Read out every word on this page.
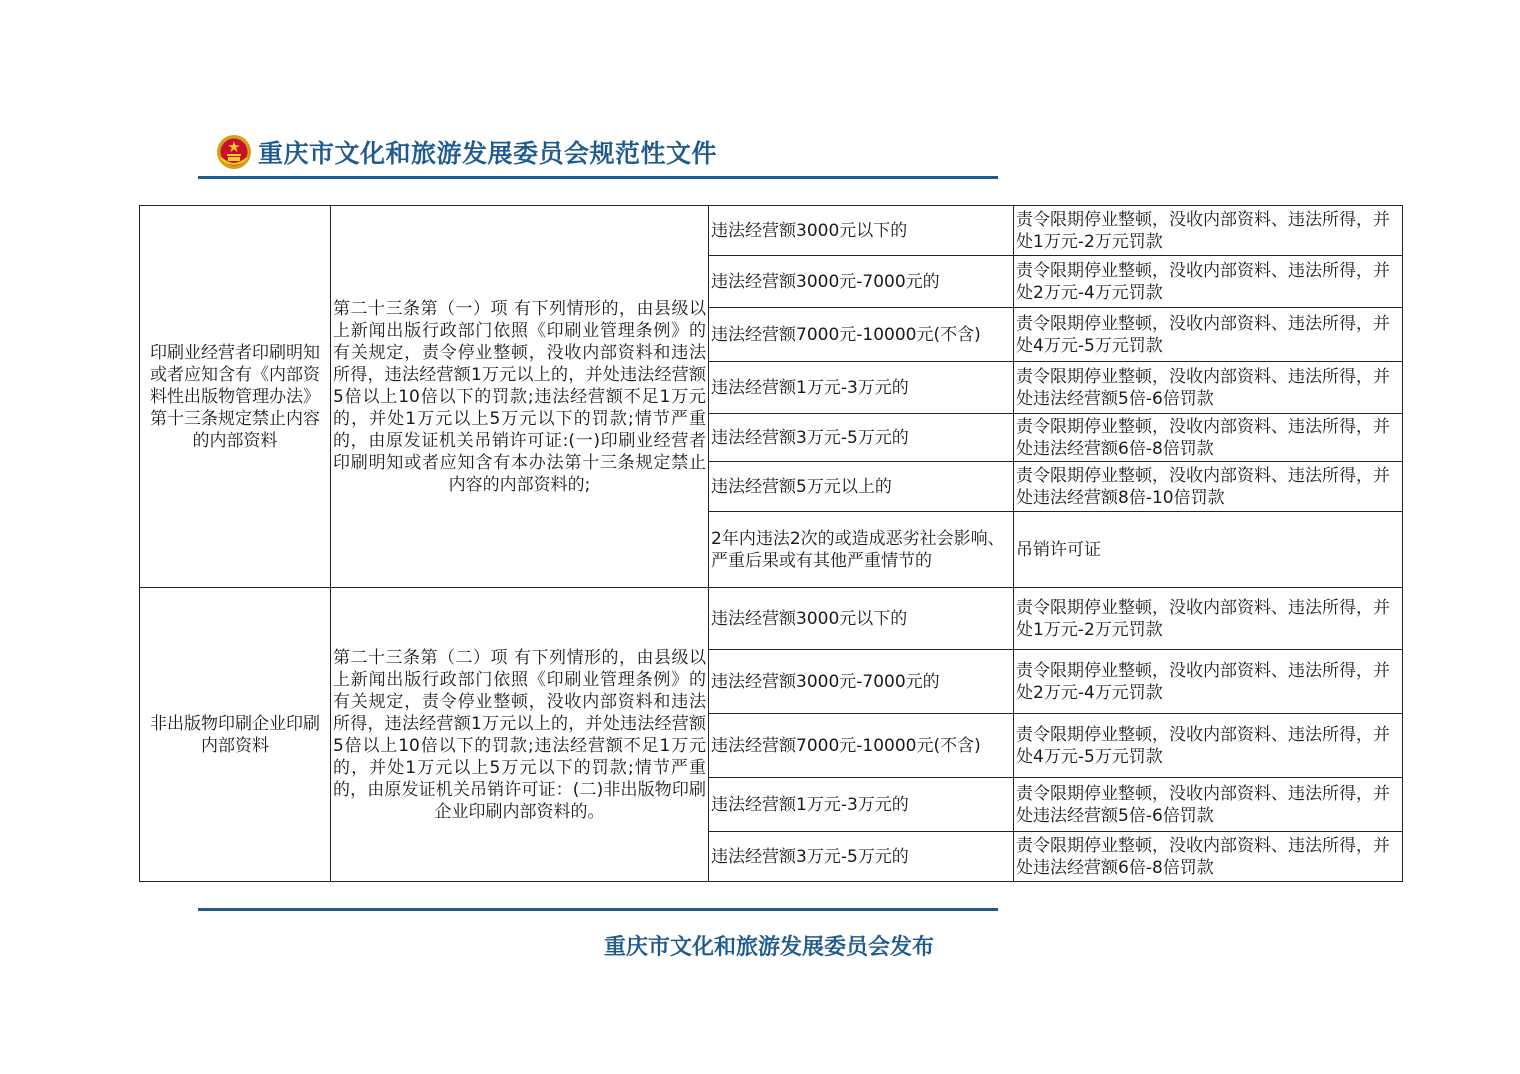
重庆市文化和旅游发展委员会规范性文件
印刷业经营者印刷明知或者应知含有《内部资料性出版物管理办法》第十三条规定禁止内容的内部资料	第二十三条第（一）项 有下列情形的，由县级以上新闻出版行政部门依照《印刷业管理条例》的有关规定，责令停业整顿，没收内部资料和违法所得，违法经营额1万元以上的，并处违法经营额5倍以上10倍以下的罚款;违法经营额不足1万元的，并处1万元以上5万元以下的罚款;情节严重的，由原发证机关吊销许可证:(一)印刷业经营者印刷明知或者应知含有本办法第十三条规定禁止内容的内部资料的;	违法经营额3000元以下的	责令限期停业整顿，没收内部资料、违法所得，并处1万元-2万元罚款
		违法经营额3000元-7000元的	责令限期停业整顿，没收内部资料、违法所得，并处2万元-4万元罚款
		违法经营额7000元-10000元(不含)	责令限期停业整顿，没收内部资料、违法所得，并处4万元-5万元罚款
		违法经营额1万元-3万元的	责令限期停业整顿，没收内部资料、违法所得，并处违法经营额5倍-6倍罚款
		违法经营额3万元-5万元的	责令限期停业整顿，没收内部资料、违法所得，并处违法经营额6倍-8倍罚款
		违法经营额5万元以上的	责令限期停业整顿，没收内部资料、违法所得，并处违法经营额8倍-10倍罚款
		2年内违法2次的或造成恶劣社会影响、严重后果或有其他严重情节的	吊销许可证
非出版物印刷企业印刷内部资料	第二十三条第（二）项 有下列情形的，由县级以上新闻出版行政部门依照《印刷业管理条例》的有关规定，责令停业整顿，没收内部资料和违法所得，违法经营额1万元以上的，并处违法经营额5倍以上10倍以下的罚款;违法经营额不足1万元的，并处1万元以上5万元以下的罚款;情节严重的，由原发证机关吊销许可证：(二)非出版物印刷企业印刷内部资料的。	违法经营额3000元以下的	责令限期停业整顿，没收内部资料、违法所得，并处1万元-2万元罚款
		违法经营额3000元-7000元的	责令限期停业整顿，没收内部资料、违法所得，并处2万元-4万元罚款
		违法经营额7000元-10000元(不含)	责令限期停业整顿，没收内部资料、违法所得，并处4万元-5万元罚款
		违法经营额1万元-3万元的	责令限期停业整顿，没收内部资料、违法所得，并处违法经营额5倍-6倍罚款
		违法经营额3万元-5万元的	责令限期停业整顿，没收内部资料、违法所得，并处违法经营额6倍-8倍罚款
重庆市文化和旅游发展委员会发布
